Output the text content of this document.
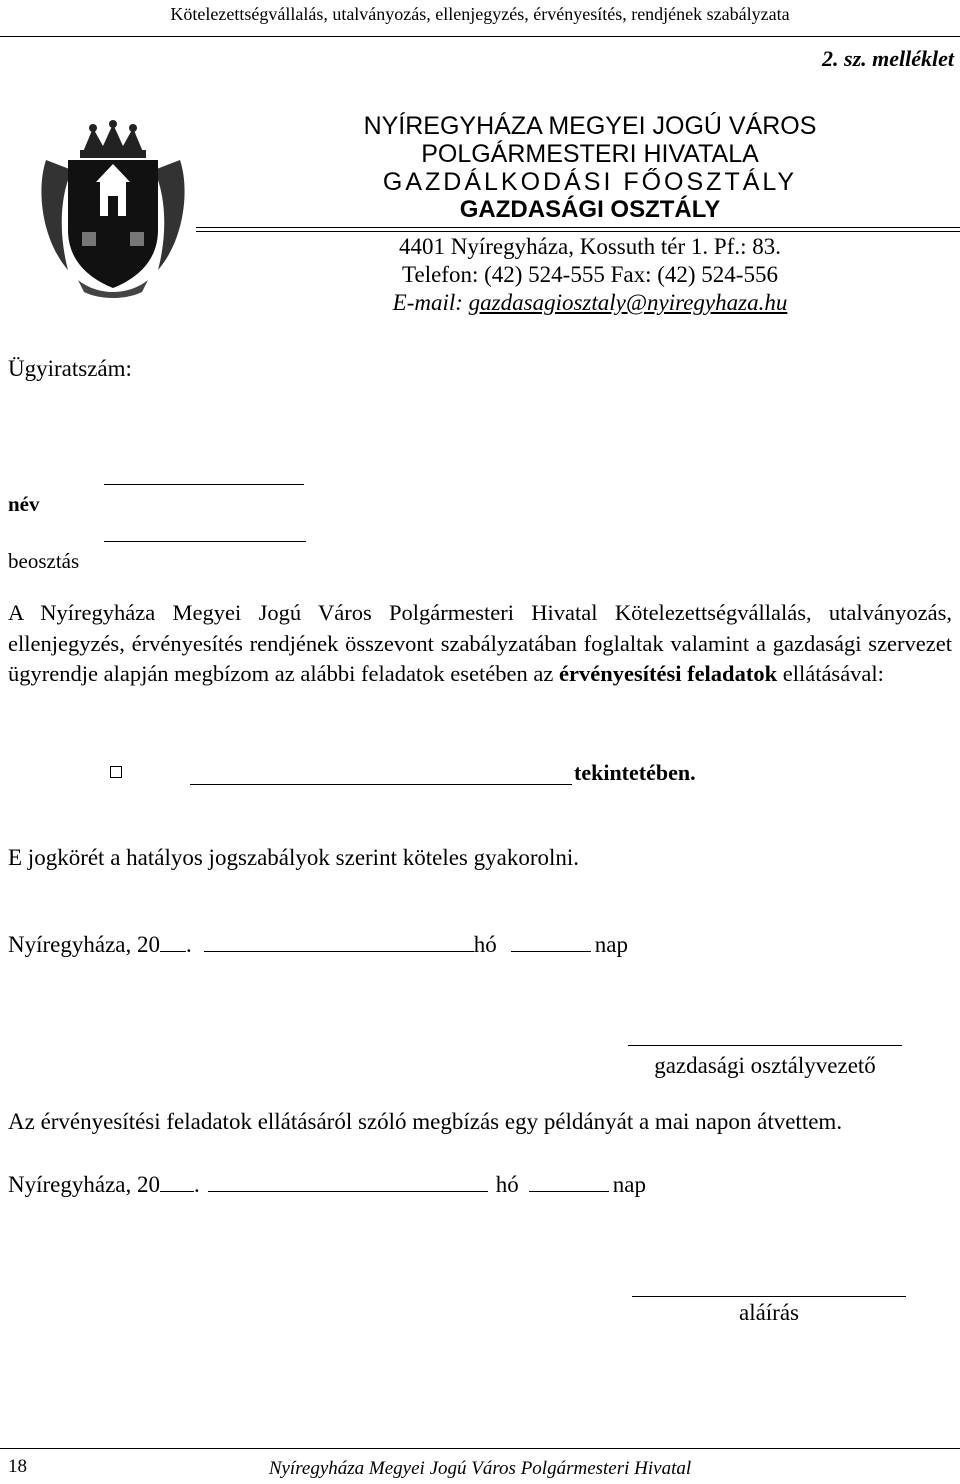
Kötelezettségvállalás, utalványozás, ellenjegyzés, érvényesítés, rendjének szabályzata
2. sz. melléklet
NYÍREGYHÁZA MEGYEI JOGÚ VÁROS
POLGÁRMESTERI HIVATALA
GAZDÁLKODÁSI FŐOSZTÁLY
GAZDASÁGI OSZTÁLY
4401 Nyíregyháza, Kossuth tér 1. Pf.: 83.
Telefon: (42) 524-555 Fax: (42) 524-556
E-mail: gazdasagiosztaly@nyiregyhaza.hu
Ügyiratszám:
név
beosztás
A Nyíregyháza Megyei Jogú Város Polgármesteri Hivatal Kötelezettségvállalás, utalványozás, ellenjegyzés, érvényesítés rendjének összevont szabályzatában foglaltak valamint a gazdasági szervezet ügyrendje alapján megbízom az alábbi feladatok esetében az érvényesítési feladatok ellátásával:
tekintetében.
E jogkörét a hatályos jogszabályok szerint köteles gyakorolni.
Nyíregyháza, 20 .	hó	nap
gazdasági osztályvezető
Az érvényesítési feladatok ellátásáról szóló megbízás egy példányát a mai napon átvettem.
Nyíregyháza, 20 .	hó	nap
aláírás
18	Nyíregyháza Megyei Jogú Város Polgármesteri Hivatal
